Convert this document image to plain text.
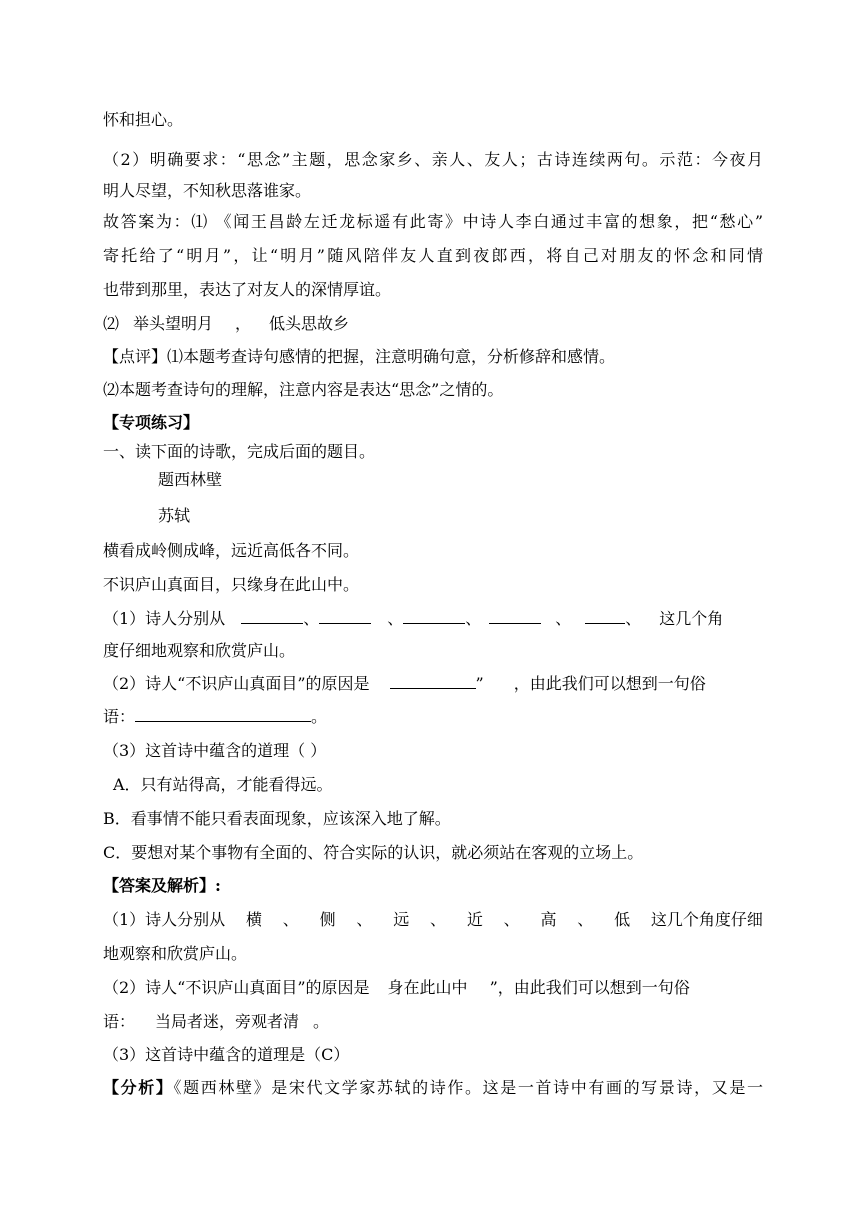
怀和担心。
（2）明确要求：“思念”主题，思念家乡、亲人、友人；古诗连续两句。示范：今夜月
明人尽望，不知秋思落谁家。
故答案为：⑴ 《闻王昌龄左迁龙标遥有此寄》中诗人李白通过丰富的想象，把“愁心”
寄托给了“明月”，让“明月”随风陪伴友人直到夜郎西，将自己对朋友的怀念和同情
也带到那里，表达了对友人的深情厚谊。
⑵ 举头望明月 ， 低头思故乡
【点评】⑴本题考查诗句感情的把握，注意明确句意，分析修辞和感情。
⑵本题考查诗句的理解，注意内容是表达“思念”之情的。
【专项练习】
一、读下面的诗歌，完成后面的题目。
题西林壁
苏轼
横看成岭侧成峰，远近高低各不同。
不识庐山真面目，只缘身在此山中。
（1）诗人分别从	、	、	、	、	、 这几个角
度仔细地观察和欣赏庐山。
（2）诗人“不识庐山真面目”的原因是	” ，由此我们可以想到一句俗
语：	。
（3）这首诗中蕴含的道理（ ）
A．只有站得高，才能看得远。
B．看事情不能只看表面现象，应该深入地了解。
C．要想对某个事物有全面的、符合实际的认识，就必须站在客观的立场上。
【答案及解析】:
（1）诗人分别从 横 、 侧 、 远 、 近 、 高 、 低 这几个角度仔细
地观察和欣赏庐山。
（2）诗人“不识庐山真面目”的原因是 身在此山中 ”，由此我们可以想到一句俗
语： 当局者迷，旁观者清 。
（3）这首诗中蕴含的道理是（C）
【分析】《题西林壁》是宋代文学家苏轼的诗作。这是一首诗中有画的写景诗，又是一
